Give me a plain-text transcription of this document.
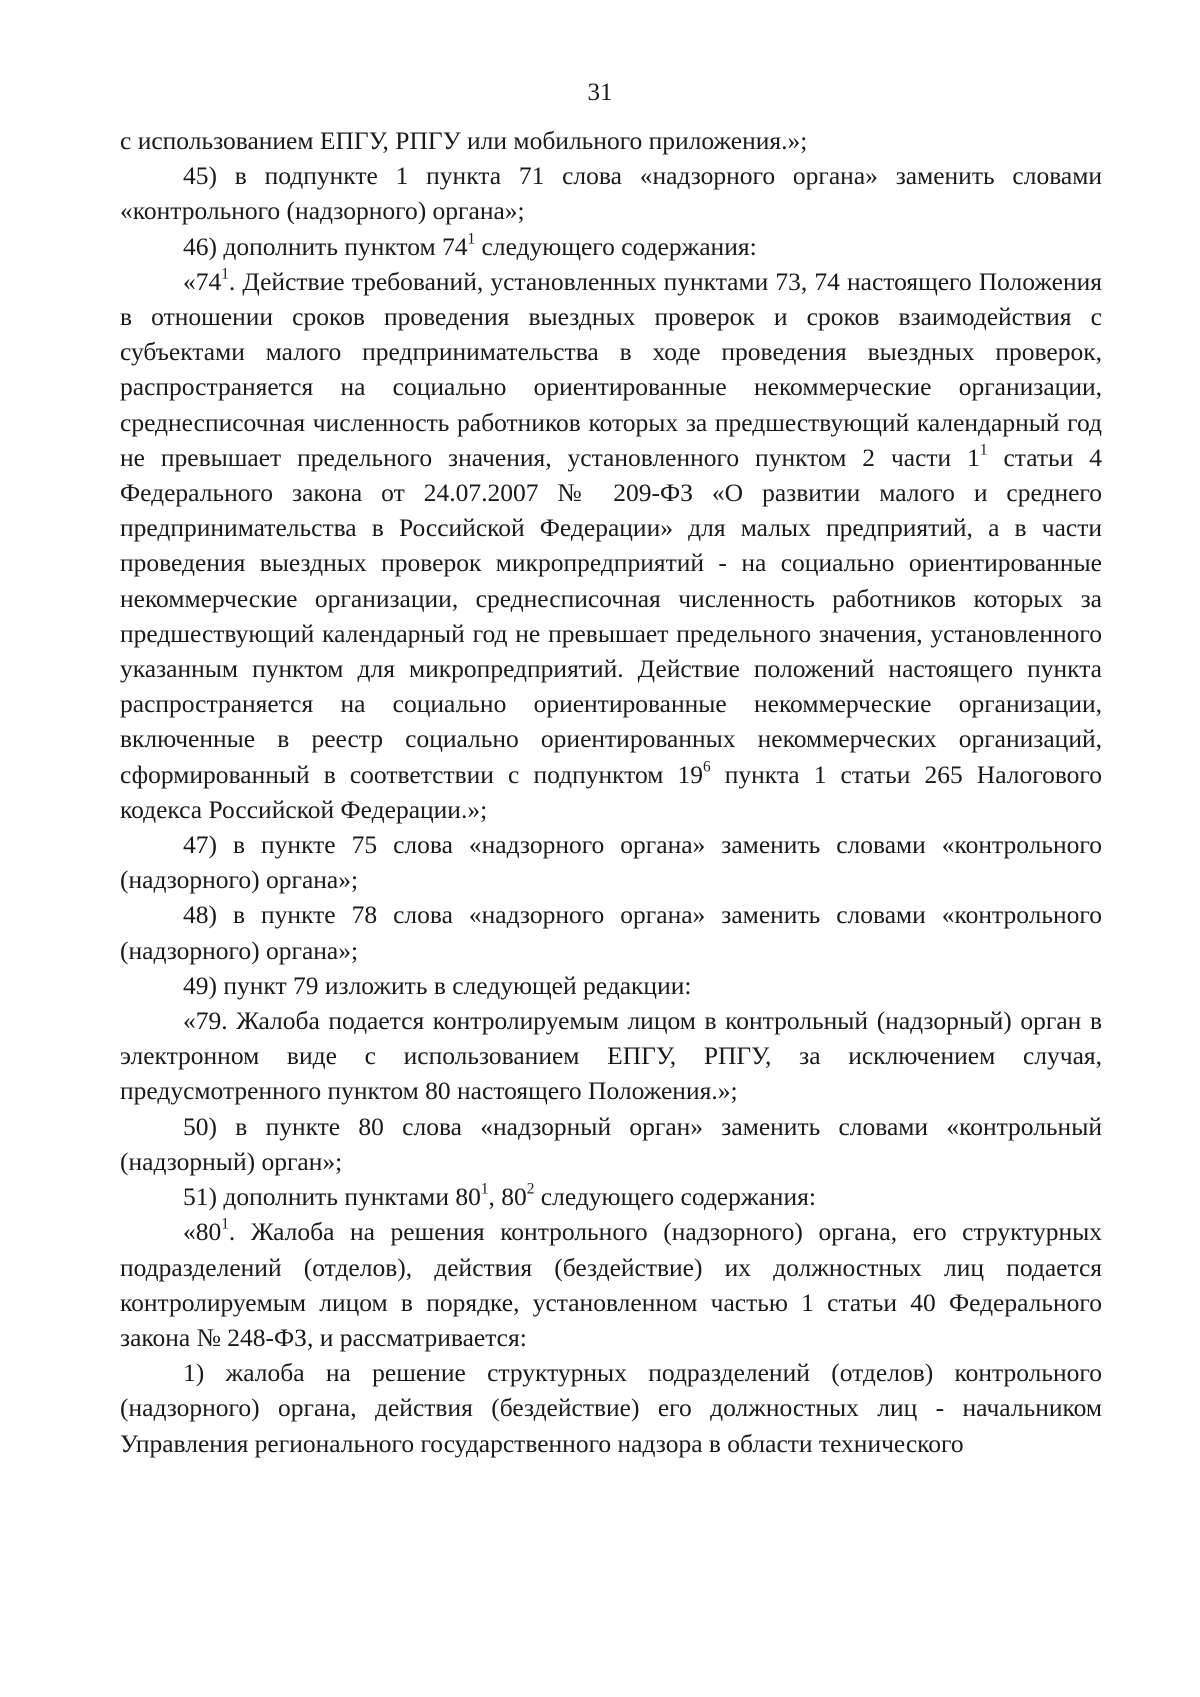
31

с использованием ЕПГУ, РПГУ или мобильного приложения.»;

45) в подпункте 1 пункта 71 слова «надзорного органа» заменить словами «контрольного (надзорного) органа»;

46) дополнить пунктом $74^1$ следующего содержания:

«$74^1$. Действие требований, установленных пунктами 73, 74 настоящего Положения в отношении сроков проведения выездных проверок и сроков взаимодействия с субъектами малого предпринимательства в ходе проведения выездных проверок, распространяется на социально ориентированные некоммерческие организации, среднесписочная численность работников которых за предшествующий календарный год не превышает предельного значения, установленного пунктом 2 части $1^1$ статьи 4 Федерального закона от 24.07.2007 № 209-ФЗ «О развитии малого и среднего предпринимательства в Российской Федерации» для малых предприятий, а в части проведения выездных проверок микропредприятий - на социально ориентированные некоммерческие организации, среднесписочная численность работников которых за предшествующий календарный год не превышает предельного значения, установленного указанным пунктом для микропредприятий. Действие положений настоящего пункта распространяется на социально ориентированные некоммерческие организации, включенные в реестр социально ориентированных некоммерческих организаций, сформированный в соответствии с подпунктом $19^6$ пункта 1 статьи 265 Налогового кодекса Российской Федерации.»;

47) в пункте 75 слова «надзорного органа» заменить словами «контрольного (надзорного) органа»;

48) в пункте 78 слова «надзорного органа» заменить словами «контрольного (надзорного) органа»;

49) пункт 79 изложить в следующей редакции:

«79. Жалоба подается контролируемым лицом в контрольный (надзорный) орган в электронном виде с использованием ЕПГУ, РПГУ, за исключением случая, предусмотренного пунктом 80 настоящего Положения.»;

50) в пункте 80 слова «надзорный орган» заменить словами «контрольный (надзорный) орган»;

51) дополнить пунктами $80^1$, $80^2$ следующего содержания:

«$80^1$. Жалоба на решения контрольного (надзорного) органа, его структурных подразделений (отделов), действия (бездействие) их должностных лиц подается контролируемым лицом в порядке, установленном частью 1 статьи 40 Федерального закона № 248-ФЗ, и рассматривается:

1) жалоба на решение структурных подразделений (отделов) контрольного (надзорного) органа, действия (бездействие) его должностных лиц - начальником Управления регионального государственного надзора в области технического
